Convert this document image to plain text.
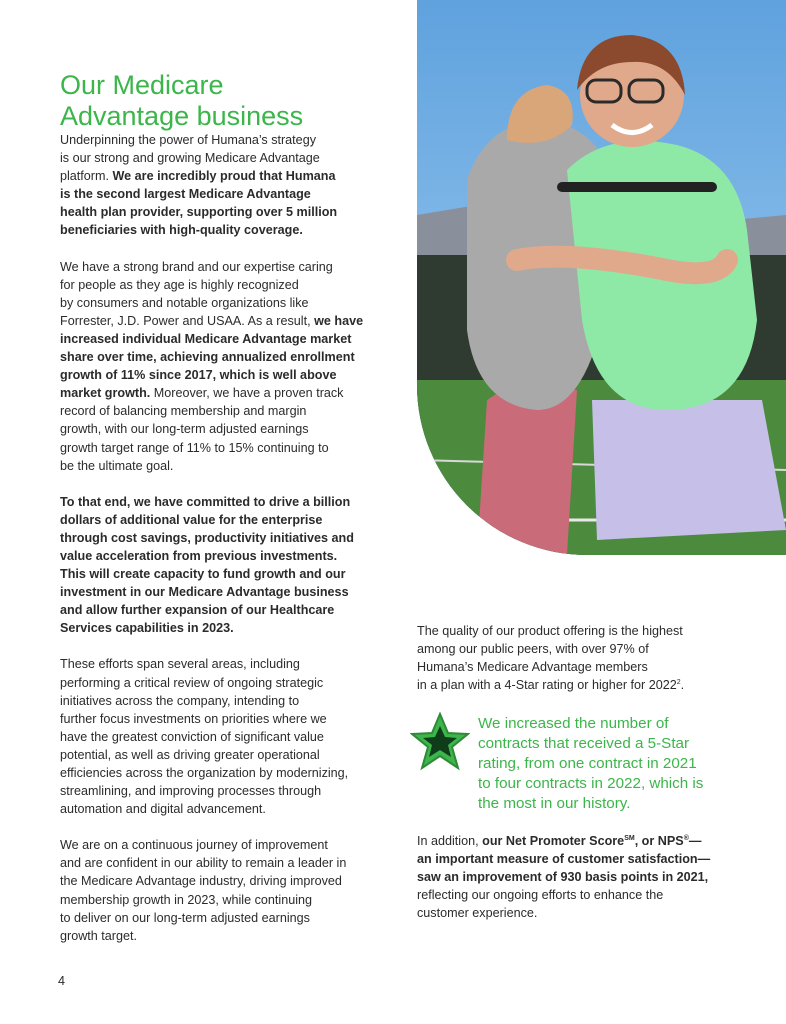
Our Medicare
Advantage business

Underpinning the power of Humana’s strategy
is our strong and growing Medicare Advantage
platform. We are incredibly proud that Humana
is the second largest Medicare Advantage
health plan provider, supporting over 5 million
beneficiaries with high-quality coverage.

We have a strong brand and our expertise caring
for people as they age is highly recognized
by consumers and notable organizations like
Forrester, J.D. Power and USAA. As a result, we have
increased individual Medicare Advantage market
share over time, achieving annualized enrollment
growth of 11% since 2017, which is well above
market growth. Moreover, we have a proven track
record of balancing membership and margin
growth, with our long-term adjusted earnings
growth target range of 11% to 15% continuing to
be the ultimate goal.

To that end, we have committed to drive a billion
dollars of additional value for the enterprise
through cost savings, productivity initiatives and
value acceleration from previous investments.
This will create capacity to fund growth and our
investment in our Medicare Advantage business
and allow further expansion of our Healthcare
Services capabilities in 2023.

These efforts span several areas, including
performing a critical review of ongoing strategic
initiatives across the company, intending to
further focus investments on priorities where we
have the greatest conviction of significant value
potential, as well as driving greater operational
efficiencies across the organization by modernizing,
streamlining, and improving processes through
automation and digital advancement.

We are on a continuous journey of improvement
and are confident in our ability to remain a leader in
the Medicare Advantage industry, driving improved
membership growth in 2023, while continuing
to deliver on our long-term adjusted earnings
growth target.

The quality of our product offering is the highest
among our public peers, with over 97% of
Humana’s Medicare Advantage members
in a plan with a 4-Star rating or higher for 2022$^2$.

We increased the number of
contracts that received a 5-Star
rating, from one contract in 2021
to four contracts in 2022, which is
the most in our history.

In addition, our Net Promoter Score℠, or NPS®—
an important measure of customer satisfaction—
saw an improvement of 930 basis points in 2021,
reflecting our ongoing efforts to enhance the
customer experience.

4
